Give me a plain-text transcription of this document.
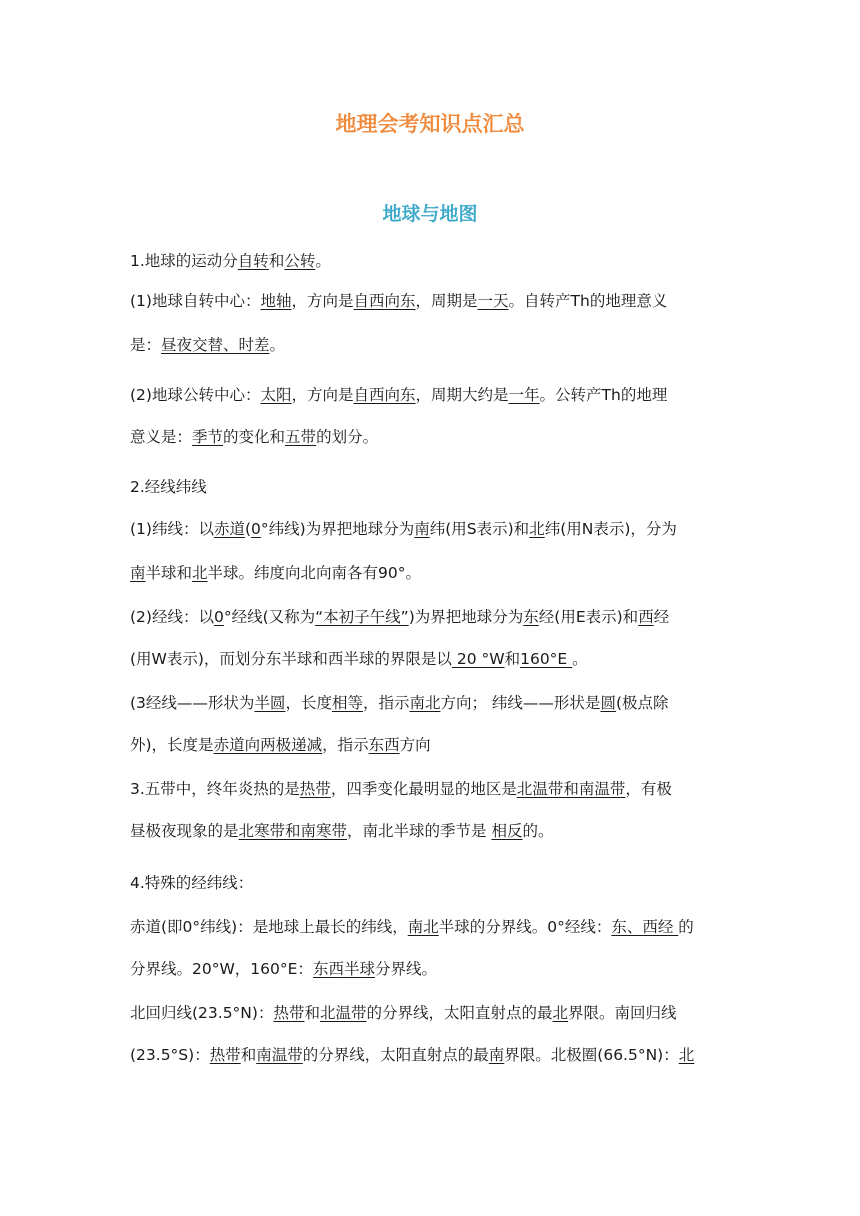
地理会考知识点汇总
地球与地图
1.地球的运动分自转和公转。
(1)地球自转中心：地轴，方向是自西向东，周期是一天。自转产Th的地理意义
是：昼夜交替、时差。
(2)地球公转中心：太阳，方向是自西向东，周期大约是一年。公转产Th的地理
意义是：季节的变化和五带的划分。
2.经线纬线
(1)纬线：以赤道(0°纬线)为界把地球分为南纬(用S表示)和北纬(用N表示)，分为
南半球和北半球。纬度向北向南各有90°。
(2)经线：以0°经线(又称为“本初子午线”)为界把地球分为东经(用E表示)和西经
(用W表示)，而划分东半球和西半球的界限是以 20 °W和160°E 。
(3经线——形状为半圆，长度相等，指示南北方向； 纬线——形状是圆(极点除
外)，长度是赤道向两极递减，指示东西方向
3.五带中，终年炎热的是热带，四季变化最明显的地区是北温带和南温带，有极
昼极夜现象的是北寒带和南寒带，南北半球的季节是 相反的。
4.特殊的经纬线：
赤道(即0°纬线)：是地球上最长的纬线，南北半球的分界线。0°经线：东、西经 的
分界线。20°W，160°E：东西半球分界线。
北回归线(23.5°N)：热带和北温带的分界线，太阳直射点的最北界限。南回归线
(23.5°S)：热带和南温带的分界线，太阳直射点的最南界限。北极圈(66.5°N)：北
